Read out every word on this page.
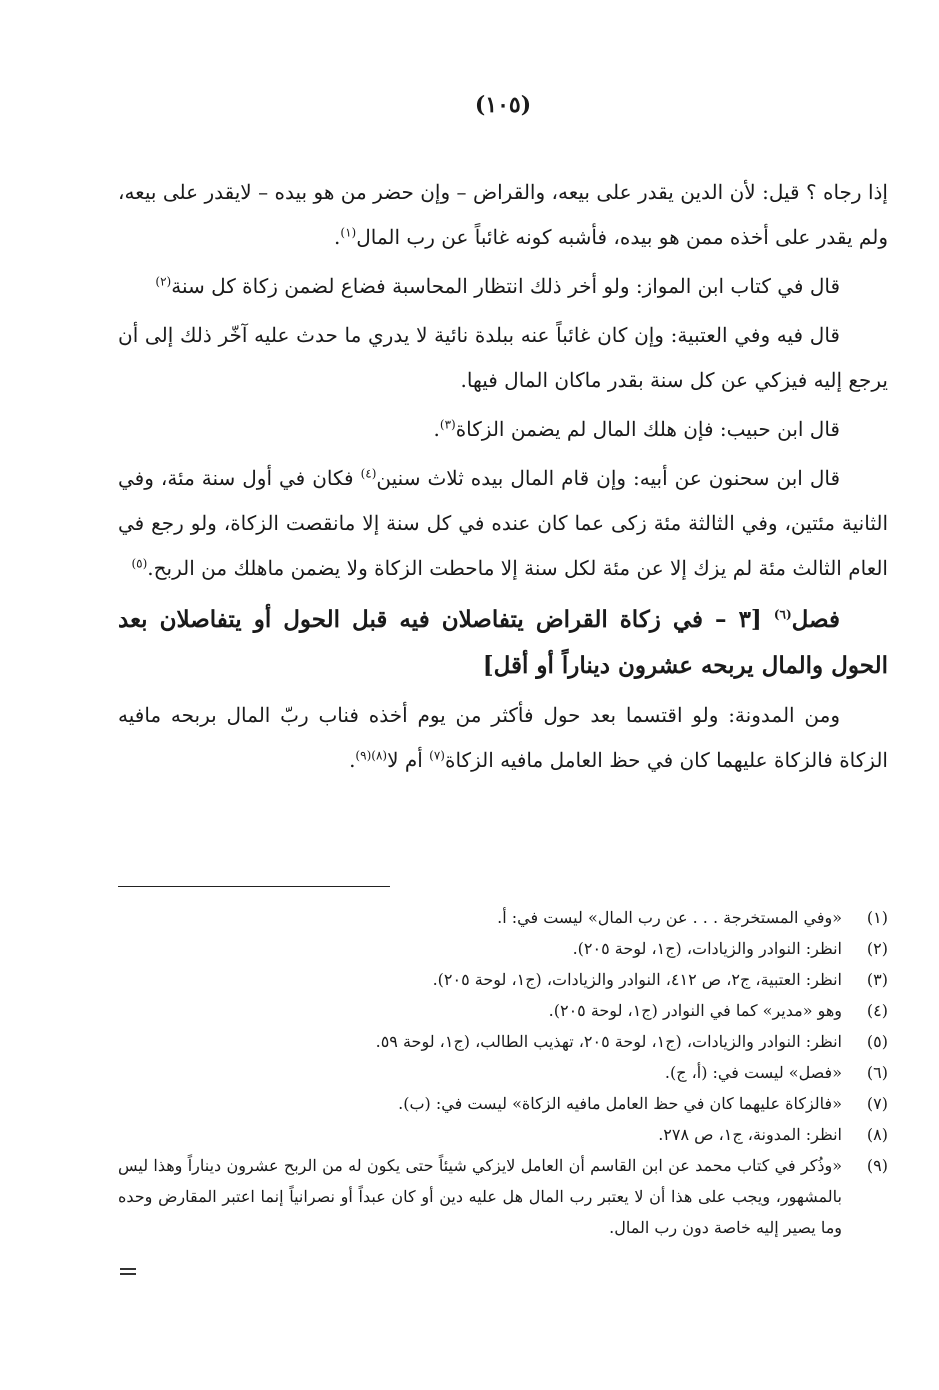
(١٠٥)

إذا رجاه ؟ قيل: لأن الدين يقدر على بيعه، والقراض – وإن حضر من هو بيده – لايقدر على بيعه، ولم يقدر على أخذه ممن هو بيده، فأشبه كونه غائباً عن رب المال$^{(١)}$.

قال في كتاب ابن المواز: ولو أخر ذلك انتظار المحاسبة فضاع لضمن زكاة كل سنة$^{(٢)}$

قال فيه وفي العتبية: وإن كان غائباً عنه ببلدة نائية لا يدري ما حدث عليه آخّر ذلك إلى أن يرجع إليه فيزكي عن كل سنة بقدر ماكان المال فيها.

قال ابن حبيب: فإن هلك المال لم يضمن الزكاة$^{(٣)}$.

قال ابن سحنون عن أبيه: وإن قام المال بيده ثلاث سنين$^{(٤)}$ فكان في أول سنة مئة، وفي الثانية مئتين، وفي الثالثة مئة زكى عما كان عنده في كل سنة إلا مانقصت الزكاة، ولو رجع في العام الثالث مئة لم يزك إلا عن مئة لكل سنة إلا ماحطت الزكاة ولا يضمن ماهلك من الربح.$^{(٥)}$

فصل$^{(٦)}$ [٣ – في زكاة القراض يتفاصلان فيه قبل الحول أو يتفاصلان بعد الحول والمال يربحه عشرون ديناراً أو أقل]

ومن المدونة: ولو اقتسما بعد حول فأكثر من يوم أخذه فناب ربّ المال بربحه مافيه الزكاة فالزكاة عليهما كان في حظ العامل مافيه الزكاة$^{(٧)}$ أم لا$^{(٨)(٩)}$.

(١)
«وفي المستخرجة . . . عن رب المال» ليست في: أ.
(٢)
انظر: النوادر والزيادات، (ج١، لوحة ٢٠٥).
(٣)
انظر: العتبية، ج٢، ص ٤١٢، النوادر والزيادات، (ج١، لوحة ٢٠٥).
(٤)
وهو «مدير» كما في النوادر (ج١، لوحة ٢٠٥).
(٥)
انظر: النوادر والزيادات، (ج١، لوحة ٢٠٥، تهذيب الطالب، (ج١، لوحة ٥٩.
(٦)
«فصل» ليست في: (أ، ج).
(٧)
«فالزكاة عليهما كان في حظ العامل مافيه الزكاة» ليست في: (ب).
(٨)
انظر: المدونة، ج١، ص ٢٧٨.
(٩)
«وذُكر في كتاب محمد عن ابن القاسم أن العامل لايزكي شيئاً حتى يكون له من الربح عشرون ديناراً وهذا ليس بالمشهور، ويجب على هذا أن لا يعتبر رب المال هل عليه دين أو كان عبداً أو نصرانياً إنما اعتبر المقارض وحده وما يصير إليه خاصة دون رب المال.
